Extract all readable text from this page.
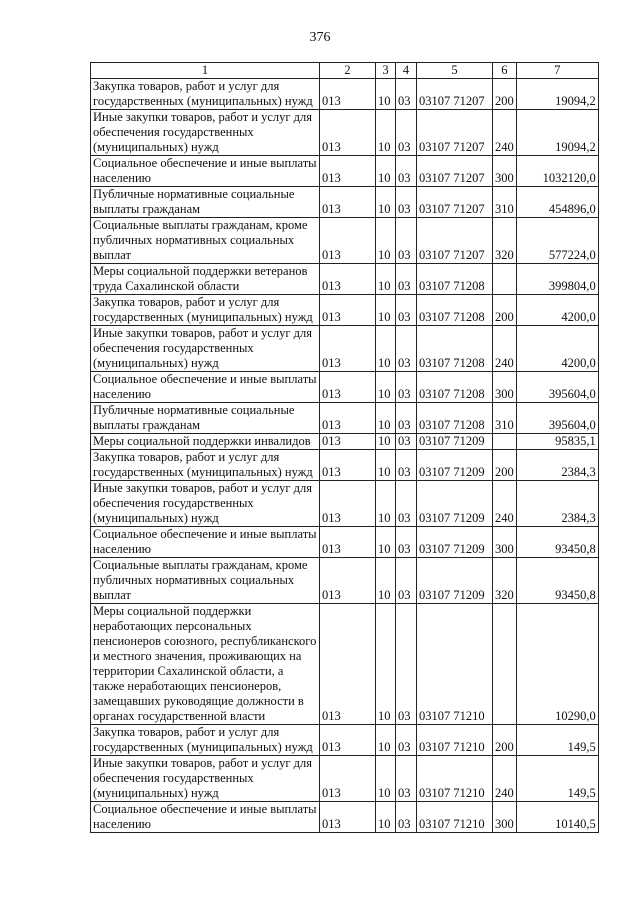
376
1	2	3	4	5	6	7
Закупка товаров, работ и услуг для государственных (муниципальных) нужд	013	10	03	03107 71207	200	19094,2
Иные закупки товаров, работ и услуг для обеспечения государственных (муниципальных) нужд	013	10	03	03107 71207	240	19094,2
Социальное обеспечение и иные выплаты населению	013	10	03	03107 71207	300	1032120,0
Публичные нормативные социальные выплаты гражданам	013	10	03	03107 71207	310	454896,0
Социальные выплаты гражданам, кроме публичных нормативных социальных выплат	013	10	03	03107 71207	320	577224,0
Меры социальной поддержки ветеранов труда Сахалинской области	013	10	03	03107 71208		399804,0
Закупка товаров, работ и услуг для государственных (муниципальных) нужд	013	10	03	03107 71208	200	4200,0
Иные закупки товаров, работ и услуг для обеспечения государственных (муниципальных) нужд	013	10	03	03107 71208	240	4200,0
Социальное обеспечение и иные выплаты населению	013	10	03	03107 71208	300	395604,0
Публичные нормативные социальные выплаты гражданам	013	10	03	03107 71208	310	395604,0
Меры социальной поддержки инвалидов	013	10	03	03107 71209		95835,1
Закупка товаров, работ и услуг для государственных (муниципальных) нужд	013	10	03	03107 71209	200	2384,3
Иные закупки товаров, работ и услуг для обеспечения государственных (муниципальных) нужд	013	10	03	03107 71209	240	2384,3
Социальное обеспечение и иные выплаты населению	013	10	03	03107 71209	300	93450,8
Социальные выплаты гражданам, кроме публичных нормативных социальных выплат	013	10	03	03107 71209	320	93450,8
Меры социальной поддержки неработающих персональных пенсионеров союзного, республиканского и местного значения, проживающих на территории Сахалинской области, а также неработающих пенсионеров, замещавших руководящие должности в органах государственной власти	013	10	03	03107 71210		10290,0
Закупка товаров, работ и услуг для государственных (муниципальных) нужд	013	10	03	03107 71210	200	149,5
Иные закупки товаров, работ и услуг для обеспечения государственных (муниципальных) нужд	013	10	03	03107 71210	240	149,5
Социальное обеспечение и иные выплаты населению	013	10	03	03107 71210	300	10140,5
